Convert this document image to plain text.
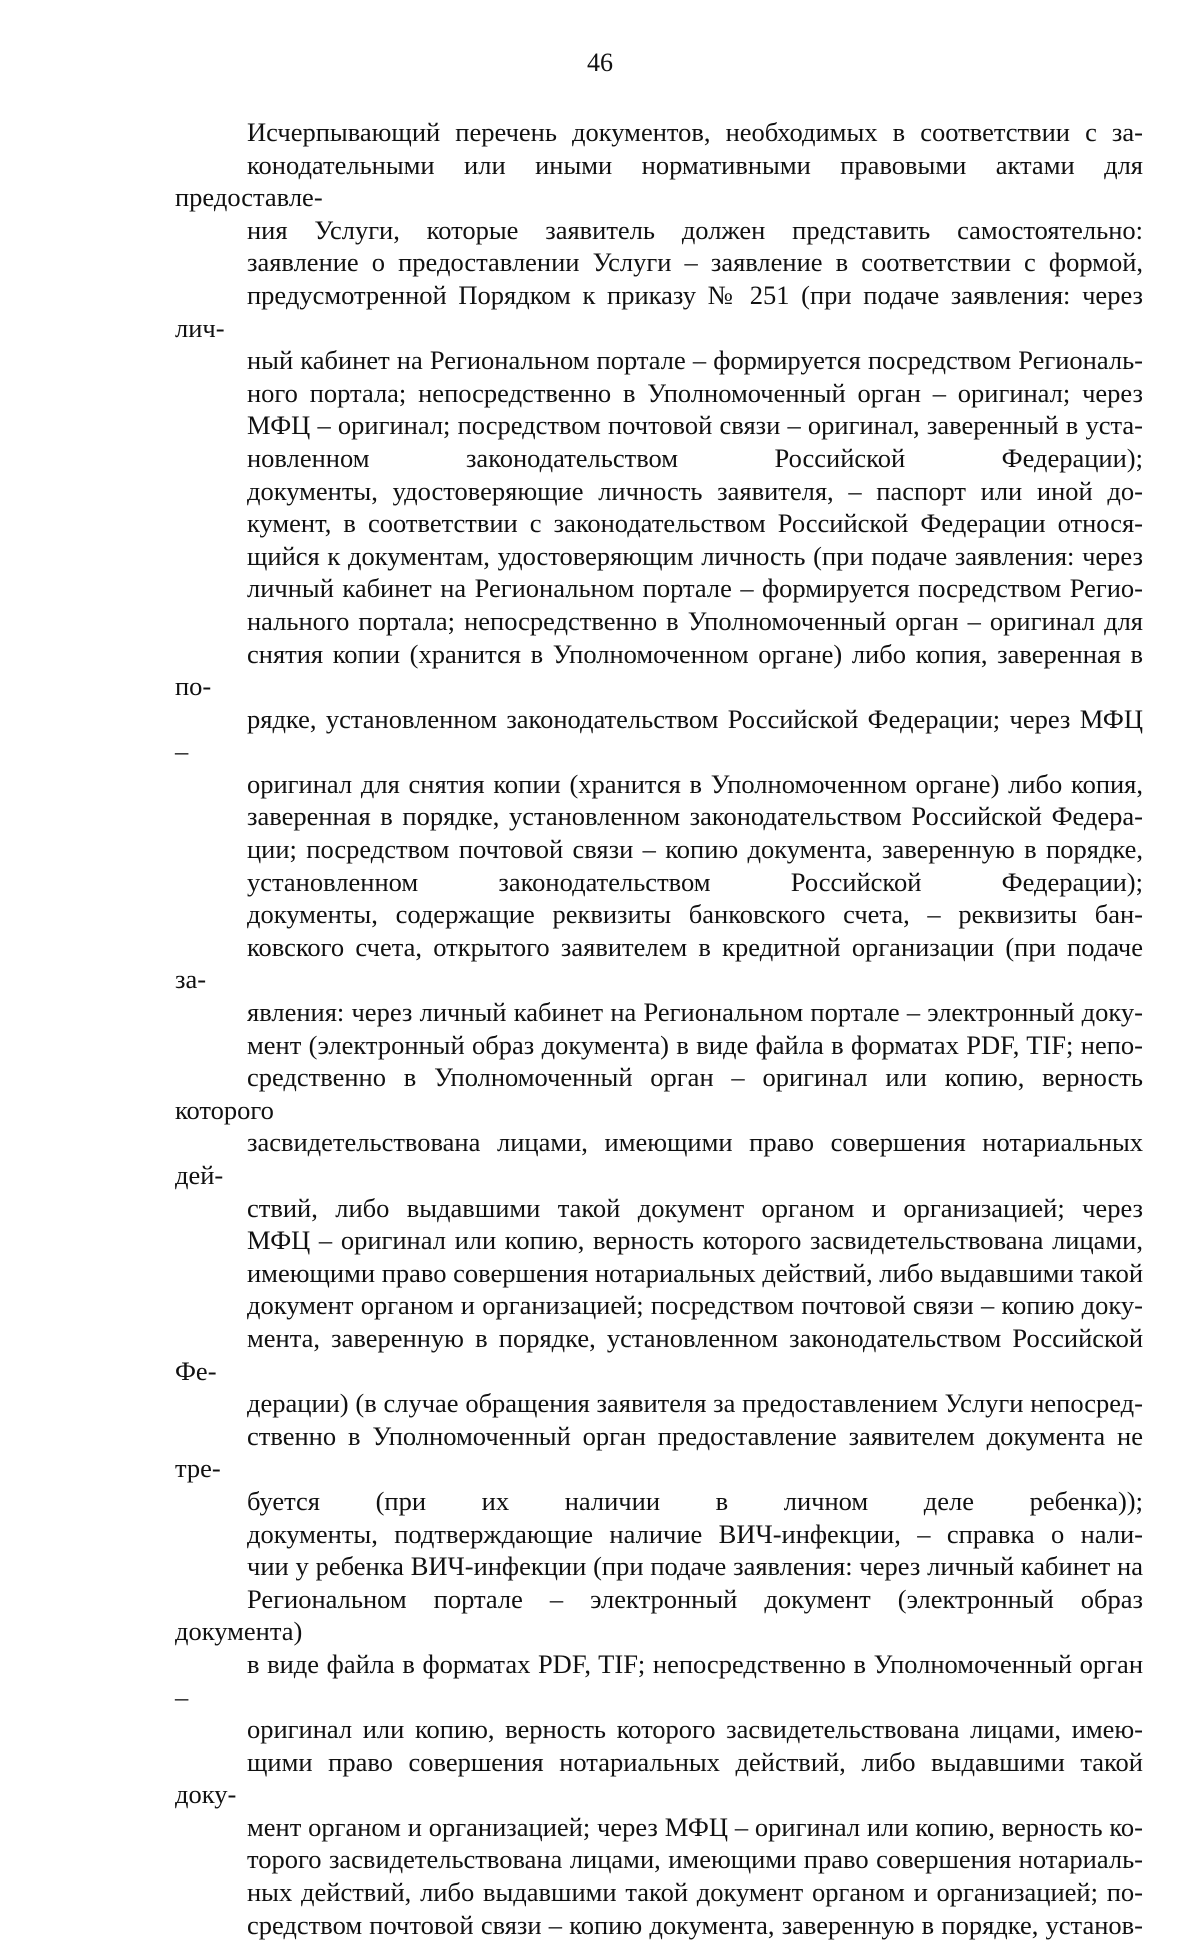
46

Исчерпывающий перечень документов, необходимых в соответствии с за-
конодательными или иными нормативными правовыми актами для предоставле-
ния Услуги, которые заявитель должен представить самостоятельно:

заявление о предоставлении Услуги – заявление в соответствии с формой,
предусмотренной Порядком к приказу № 251 (при подаче заявления: через лич-
ный кабинет на Региональном портале – формируется посредством Региональ-
ного портала; непосредственно в Уполномоченный орган – оригинал; через
МФЦ – оригинал; посредством почтовой связи – оригинал, заверенный в уста-
новленном законодательством Российской Федерации);

документы, удостоверяющие личность заявителя, – паспорт или иной до-
кумент, в соответствии с законодательством Российской Федерации относя-
щийся к документам, удостоверяющим личность (при подаче заявления: через
личный кабинет на Региональном портале – формируется посредством Регио-
нального портала; непосредственно в Уполномоченный орган – оригинал для
снятия копии (хранится в Уполномоченном органе) либо копия, заверенная в по-
рядке, установленном законодательством Российской Федерации; через МФЦ –
оригинал для снятия копии (хранится в Уполномоченном органе) либо копия,
заверенная в порядке, установленном законодательством Российской Федера-
ции; посредством почтовой связи – копию документа, заверенную в порядке,
установленном законодательством Российской Федерации);

документы, содержащие реквизиты банковского счета, – реквизиты бан-
ковского счета, открытого заявителем в кредитной организации (при подаче за-
явления: через личный кабинет на Региональном портале – электронный доку-
мент (электронный образ документа) в виде файла в форматах PDF, TIF; непо-
средственно в Уполномоченный орган – оригинал или копию, верность которого
засвидетельствована лицами, имеющими право совершения нотариальных дей-
ствий, либо выдавшими такой документ органом и организацией; через
МФЦ – оригинал или копию, верность которого засвидетельствована лицами,
имеющими право совершения нотариальных действий, либо выдавшими такой
документ органом и организацией; посредством почтовой связи – копию доку-
мента, заверенную в порядке, установленном законодательством Российской Фе-
дерации) (в случае обращения заявителя за предоставлением Услуги непосред-
ственно в Уполномоченный орган предоставление заявителем документа не тре-
буется (при их наличии в личном деле ребенка));

документы, подтверждающие наличие ВИЧ-инфекции, – справка о нали-
чии у ребенка ВИЧ-инфекции (при подаче заявления: через личный кабинет на
Региональном портале – электронный документ (электронный образ документа)
в виде файла в форматах PDF, TIF; непосредственно в Уполномоченный орган –
оригинал или копию, верность которого засвидетельствована лицами, имею-
щими право совершения нотариальных действий, либо выдавшими такой доку-
мент органом и организацией; через МФЦ – оригинал или копию, верность ко-
торого засвидетельствована лицами, имеющими право совершения нотариаль-
ных действий, либо выдавшими такой документ органом и организацией; по-
средством почтовой связи – копию документа, заверенную в порядке, установ-
